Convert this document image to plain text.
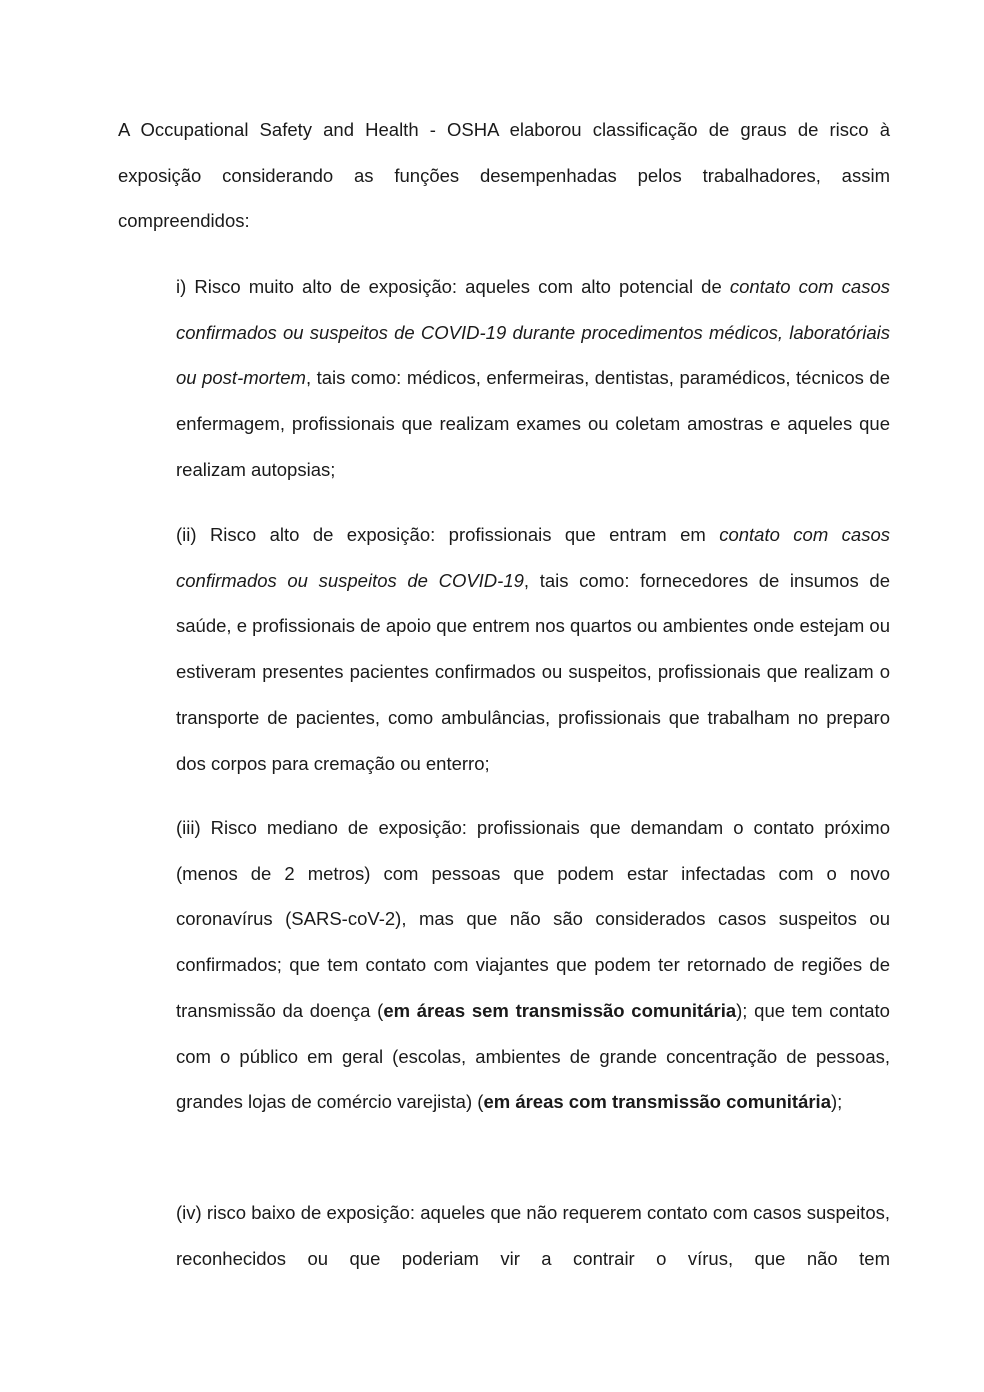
A Occupational Safety and Health - OSHA elaborou classificação de graus de risco à exposição considerando as funções desempenhadas pelos trabalhadores, assim compreendidos:

i) Risco muito alto de exposição: aqueles com alto potencial de contato com casos confirmados ou suspeitos de COVID-19 durante procedimentos médicos, laboratóriais ou post-mortem, tais como: médicos, enfermeiras, dentistas, paramédicos, técnicos de enfermagem, profissionais que realizam exames ou coletam amostras e aqueles que realizam autopsias;

(ii) Risco alto de exposição: profissionais que entram em contato com casos confirmados ou suspeitos de COVID-19, tais como: fornecedores de insumos de saúde, e profissionais de apoio que entrem nos quartos ou ambientes onde estejam ou estiveram presentes pacientes confirmados ou suspeitos, profissionais que realizam o transporte de pacientes, como ambulâncias, profissionais que trabalham no preparo dos corpos para cremação ou enterro;

(iii) Risco mediano de exposição: profissionais que demandam o contato próximo (menos de 2 metros) com pessoas que podem estar infectadas com o novo coronavírus (SARS-coV-2), mas que não são considerados casos suspeitos ou confirmados; que tem contato com viajantes que podem ter retornado de regiões de transmissão da doença (em áreas sem transmissão comunitária); que tem contato com o público em geral (escolas, ambientes de grande concentração de pessoas, grandes lojas de comércio varejista) (em áreas com transmissão comunitária);

(iv) risco baixo de exposição: aqueles que não requerem contato com casos suspeitos, reconhecidos ou que poderiam vir a contrair o vírus, que não tem
